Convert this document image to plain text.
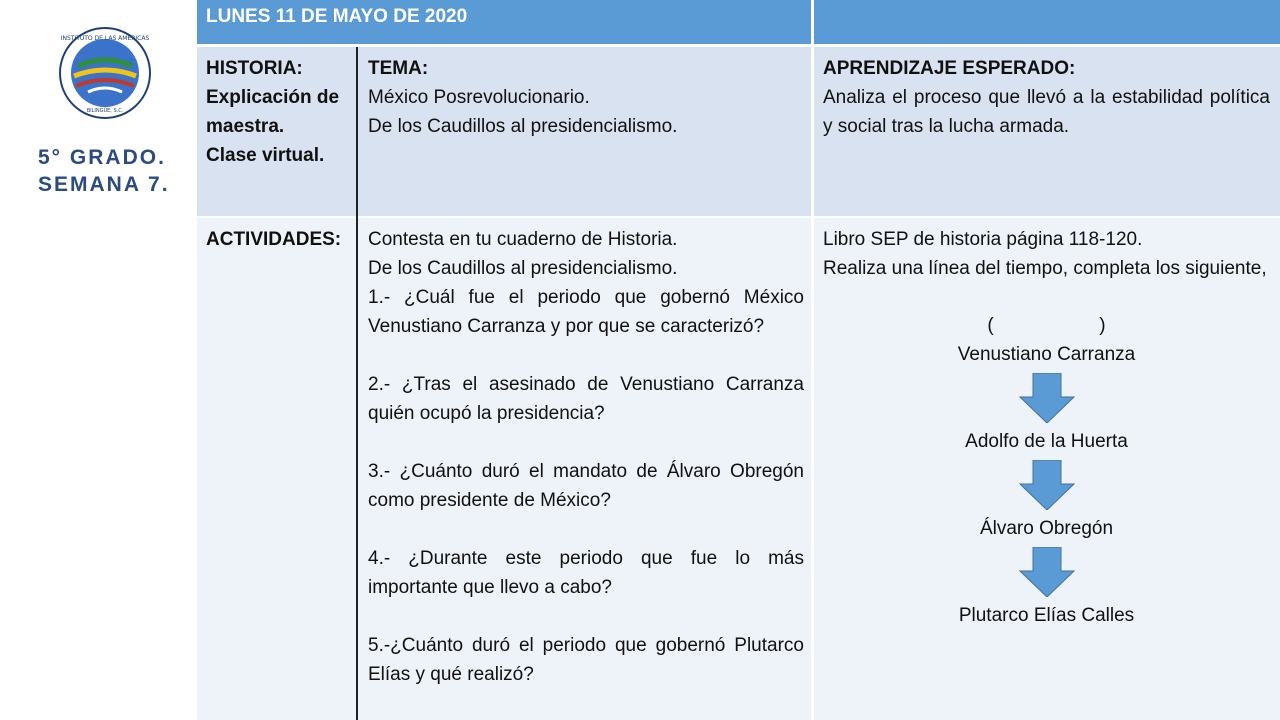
INSTITUTO DE LAS AMÉRICAS
BILINGÜE, S.C.
5° GRADO.
SEMANA 7.
LUNES 11 DE MAYO DE 2020
HISTORIA:
Explicación de
maestra.
Clase virtual.
TEMA:
México Posrevolucionario.
De los Caudillos al presidencialismo.
APRENDIZAJE ESPERADO:
Analiza el proceso que llevó a la estabilidad política y social tras la lucha armada.
ACTIVIDADES:	Contesta en tu cuaderno de Historia.
De los Caudillos al presidencialismo.
1.- ¿Cuál fue el periodo que gobernó México Venustiano Carranza y por que se caracterizó?
2.- ¿Tras el asesinado de Venustiano Carranza quién ocupó la presidencia?
3.- ¿Cuánto duró el mandato de Álvaro Obregón como presidente de México?
4.- ¿Durante este periodo que fue lo más importante que llevo a cabo?
5.-¿Cuánto duró el periodo que gobernó Plutarco Elías y qué realizó?
Libro SEP de historia página 118-120.
Realiza una línea del tiempo, completa los siguiente,
(                    )
Venustiano Carranza
Adolfo de la Huerta
Álvaro Obregón
Plutarco Elías Calles
